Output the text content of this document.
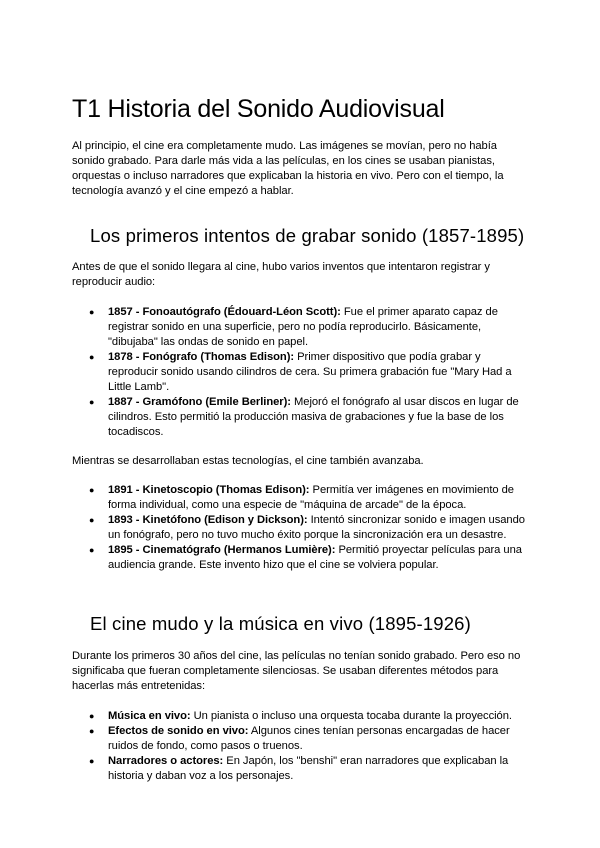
T1 Historia del Sonido Audiovisual

Al principio, el cine era completamente mudo. Las imágenes se movían, pero no había sonido grabado. Para darle más vida a las películas, en los cines se usaban pianistas, orquestas o incluso narradores que explicaban la historia en vivo. Pero con el tiempo, la tecnología avanzó y el cine empezó a hablar.

Los primeros intentos de grabar sonido (1857-1895)

Antes de que el sonido llegara al cine, hubo varios inventos que intentaron registrar y reproducir audio:

● 1857 - Fonoautógrafo (Édouard-Léon Scott): Fue el primer aparato capaz de registrar sonido en una superficie, pero no podía reproducirlo. Básicamente, "dibujaba" las ondas de sonido en papel.
● 1878 - Fonógrafo (Thomas Edison): Primer dispositivo que podía grabar y reproducir sonido usando cilindros de cera. Su primera grabación fue "Mary Had a Little Lamb".
● 1887 - Gramófono (Emile Berliner): Mejoró el fonógrafo al usar discos en lugar de cilindros. Esto permitió la producción masiva de grabaciones y fue la base de los tocadiscos.

Mientras se desarrollaban estas tecnologías, el cine también avanzaba.

● 1891 - Kinetoscopio (Thomas Edison): Permitía ver imágenes en movimiento de forma individual, como una especie de "máquina de arcade" de la época.
● 1893 - Kinetófono (Edison y Dickson): Intentó sincronizar sonido e imagen usando un fonógrafo, pero no tuvo mucho éxito porque la sincronización era un desastre.
● 1895 - Cinematógrafo (Hermanos Lumière): Permitió proyectar películas para una audiencia grande. Este invento hizo que el cine se volviera popular.
El cine mudo y la música en vivo (1895-1926)

Durante los primeros 30 años del cine, las películas no tenían sonido grabado. Pero eso no significaba que fueran completamente silenciosas. Se usaban diferentes métodos para hacerlas más entretenidas:

● Música en vivo: Un pianista o incluso una orquesta tocaba durante la proyección.
● Efectos de sonido en vivo: Algunos cines tenían personas encargadas de hacer ruidos de fondo, como pasos o truenos.
● Narradores o actores: En Japón, los "benshi" eran narradores que explicaban la historia y daban voz a los personajes.
